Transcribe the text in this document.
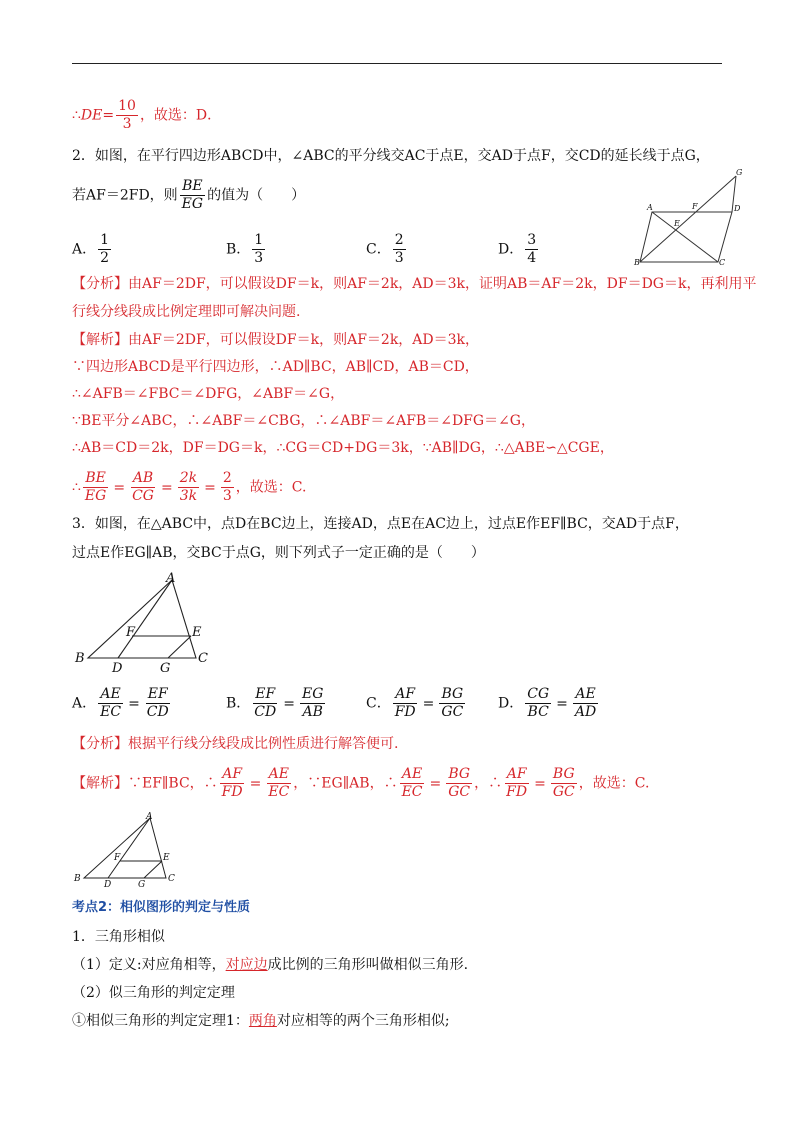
∴DE= $\frac{10}{3}$ ，故选：D．
2．如图，在平行四边形ABCD中，∠ABC的平分线交AC于点E，交AD于点F，交CD的延长线于点G，
若AF＝2FD，则 $\frac{BE}{EG}$ 的值为（　　）
A	F	D
E
G
B	C
A． $\frac{1}{2}$	B． $\frac{1}{3}$	C． $\frac{2}{3}$	D． $\frac{3}{4}$
【分析】由AF＝2DF，可以假设DF＝k，则AF＝2k，AD＝3k，证明AB＝AF＝2k，DF＝DG＝k，再利用平
行线分线段成比例定理即可解决问题.
【解析】由AF＝2DF，可以假设DF＝k，则AF＝2k，AD＝3k，
∵四边形ABCD是平行四边形，∴AD∥BC，AB∥CD，AB＝CD，
∴∠AFB＝∠FBC＝∠DFG，∠ABF＝∠G，
∵BE平分∠ABC，∴∠ABF＝∠CBG，∴∠ABF＝∠AFB＝∠DFG＝∠G，
∴AB＝CD＝2k，DF＝DG＝k，∴CG＝CD+DG＝3k，∵AB∥DG，∴△ABE∽△CGE，
∴ $\frac{BE}{EG} = \frac{AB}{CG} = \frac{2k}{3k} = \frac{2}{3}$ ，故选：C.
3．如图，在△ABC中，点D在BC边上，连接AD，点E在AC边上，过点E作EF∥BC，交AD于点F，
过点E作EG∥AB，交BC于点G，则下列式子一定正确的是（　　）
A
F	E
B
D	G
C
A． $\frac{AE}{EC} = \frac{EF}{CD}$	B． $\frac{EF}{CD} = \frac{EG}{AB}$	C． $\frac{AF}{FD} = \frac{BG}{GC}$ D． $\frac{CG}{BC} = \frac{AE}{AD}$
【分析】根据平行线分线段成比例性质进行解答便可.
【解析】∵EF∥BC，∴ $\frac{AF}{FD} = \frac{AE}{EC}$ ，∵EG∥AB，∴ $\frac{AE}{EC} = \frac{BG}{GC}$ ，∴ $\frac{AF}{FD} = \frac{BG}{GC}$ ，故选：C.
A
F	E
B
D	G
C
考点2：相似图形的判定与性质
1．三角形相似
（1）定义:对应角相等，对应边成比例的三角形叫做相似三角形.
（2）似三角形的判定定理
①相似三角形的判定定理1：两角对应相等的两个三角形相似;
